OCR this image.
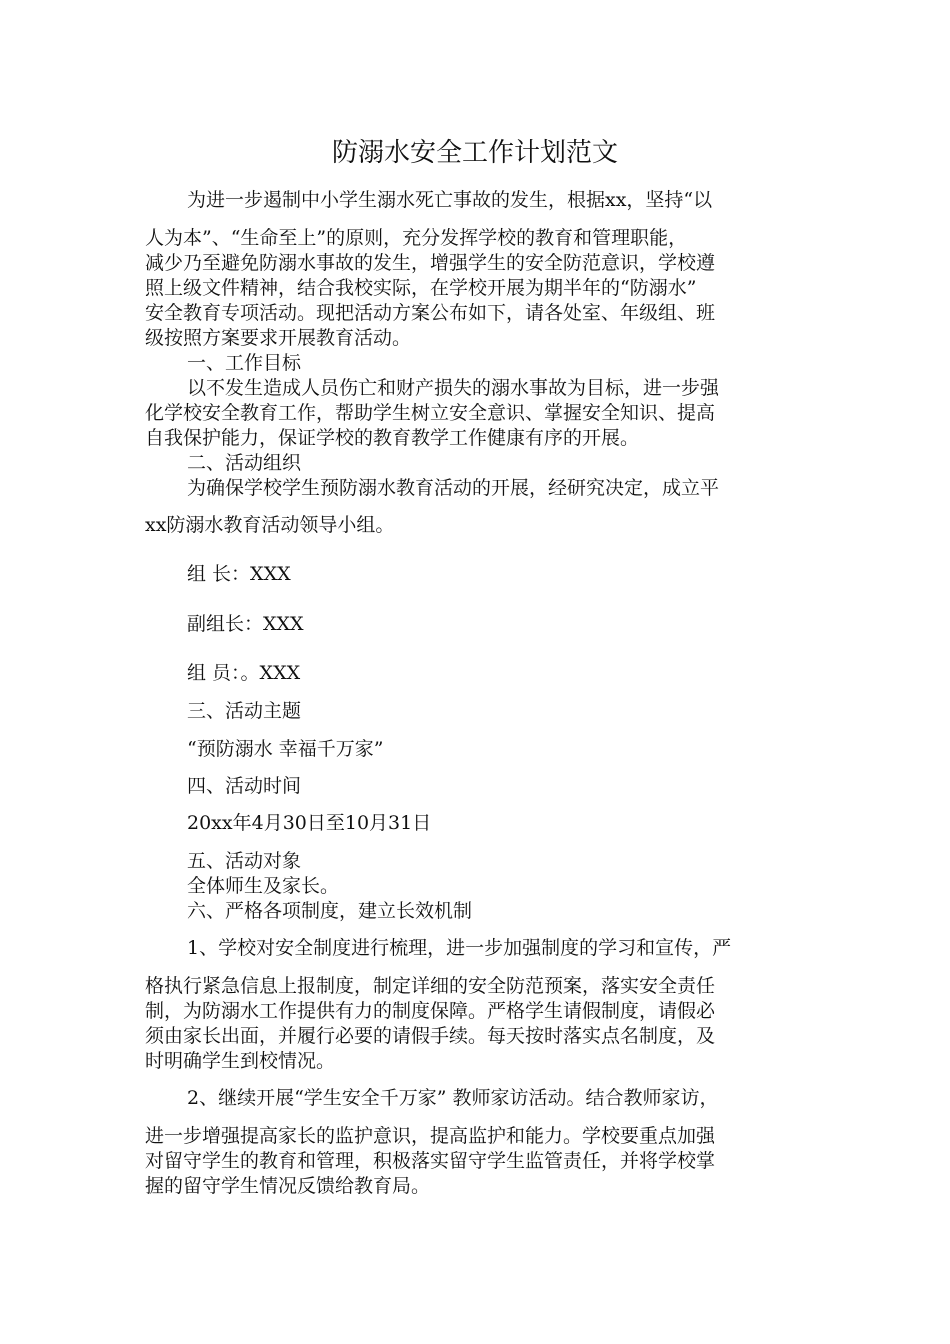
防溺水安全工作计划范文
为进一步遏制中小学生溺水死亡事故的发生，根据xx，坚持“以
人为本”、“生命至上”的原则，充分发挥学校的教育和管理职能，
减少乃至避免防溺水事故的发生，增强学生的安全防范意识，学校遵
照上级文件精神，结合我校实际，在学校开展为期半年的“防溺水”
安全教育专项活动。现把活动方案公布如下，请各处室、年级组、班
级按照方案要求开展教育活动。
一、工作目标
以不发生造成人员伤亡和财产损失的溺水事故为目标，进一步强
化学校安全教育工作，帮助学生树立安全意识、掌握安全知识、提高
自我保护能力，保证学校的教育教学工作健康有序的开展。
二、活动组织
为确保学校学生预防溺水教育活动的开展，经研究决定，成立平
xx防溺水教育活动领导小组。
组 长：XXX
副组长：XXX
组 员：。XXX
三、活动主题
“预防溺水 幸福千万家”
四、活动时间
20xx年4月30日至10月31日
五、活动对象
全体师生及家长。
六、严格各项制度，建立长效机制
1、学校对安全制度进行梳理，进一步加强制度的学习和宣传，严
格执行紧急信息上报制度，制定详细的安全防范预案，落实安全责任
制，为防溺水工作提供有力的制度保障。严格学生请假制度，请假必
须由家长出面，并履行必要的请假手续。每天按时落实点名制度，及
时明确学生到校情况。
2、继续开展“学生安全千万家” 教师家访活动。结合教师家访，
进一步增强提高家长的监护意识，提高监护和能力。学校要重点加强
对留守学生的教育和管理，积极落实留守学生监管责任，并将学校掌
握的留守学生情况反馈给教育局。
